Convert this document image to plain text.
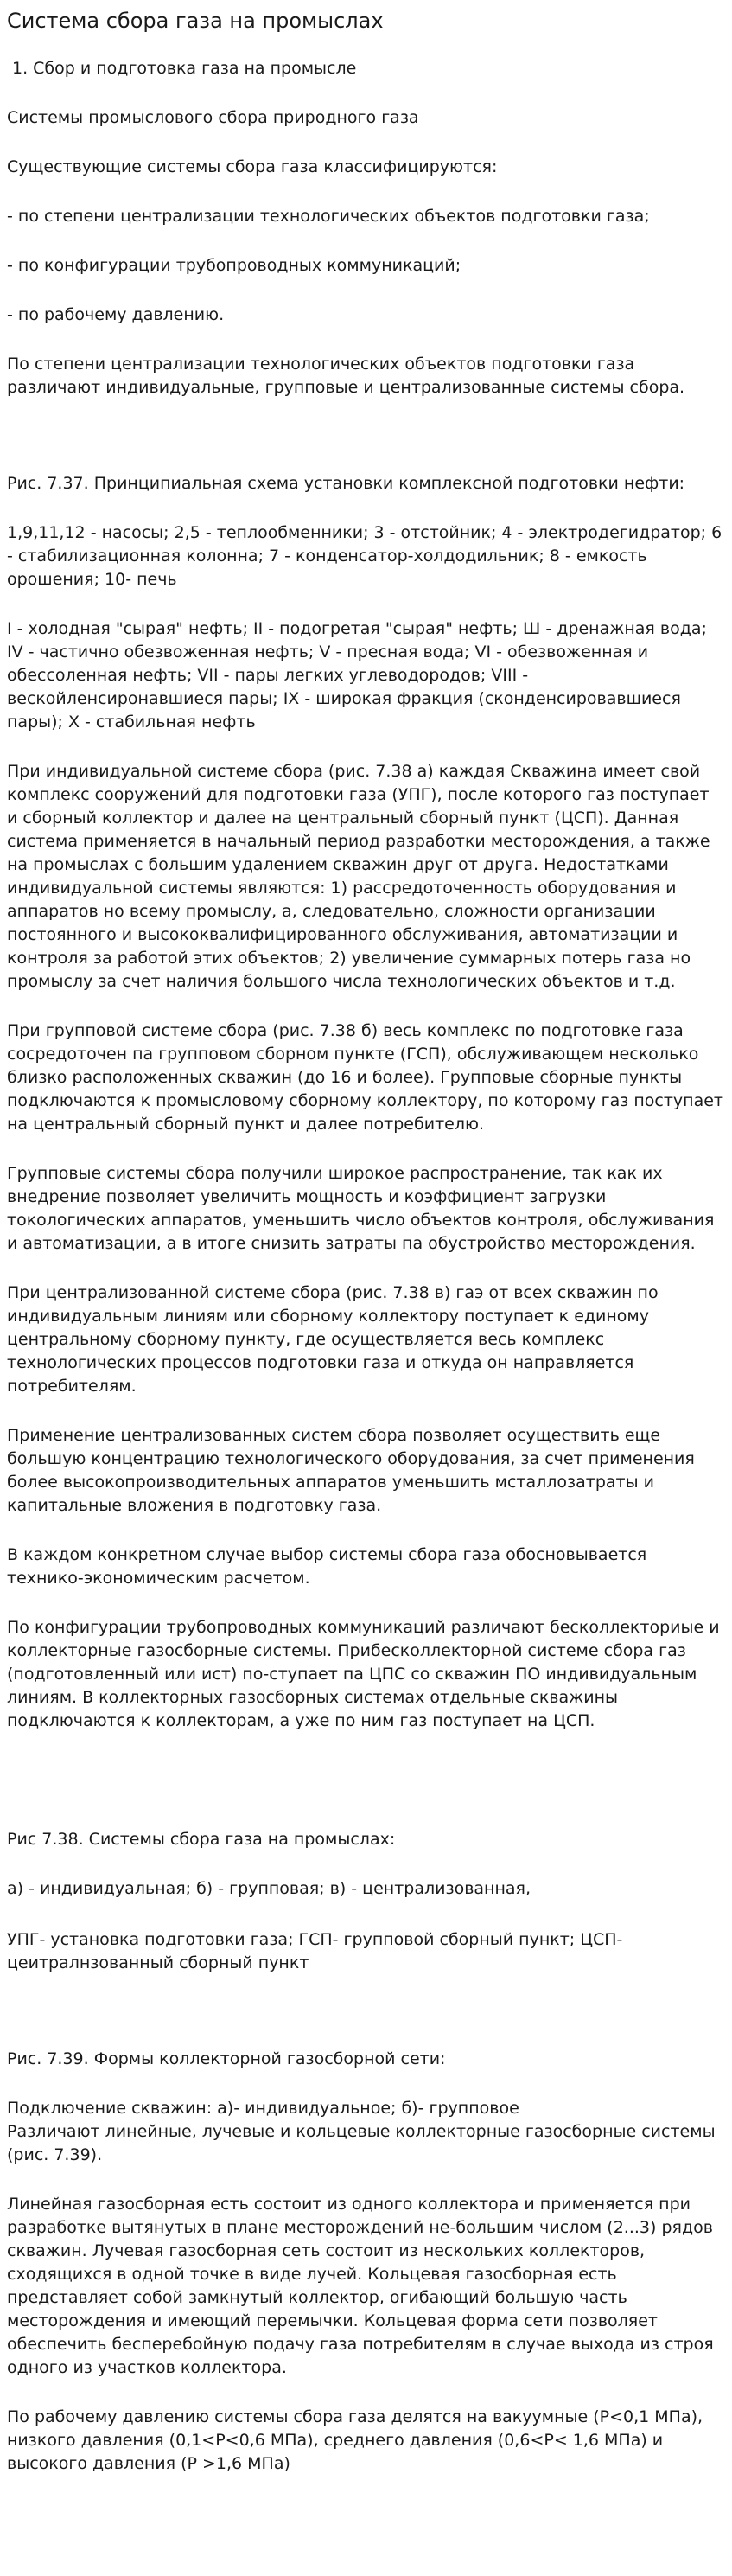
Система сбора газа на промыслах

1. Сбор и подготовка газа на промысле

Системы промыслового сбора природного газа

Существующие системы сбора газа классифицируются:

- по степени централизации технологических объектов подготовки газа;

- по конфигурации трубопроводных коммуникаций;

- по рабочему давлению.

По степени централизации технологических объектов подготовки газа различают индивидуальные, групповые и централизованные системы сбора.

Рис. 7.37. Принципиальная схема установки комплексной подготовки нефти:

1,9,11,12 - насосы; 2,5 - теплообменники; 3 - отстойник; 4 - электродегидратор; 6 - стабилизационная колонна; 7 - конденсатор-холдодильник; 8 - емкость орошения; 10- печь

I - холодная "сырая" нефть; II - подогретая "сырая" нефть; Ш - дренажная вода; IV - частично обезвоженная нефть; V - пресная вода; VI - обезвоженная и обессоленная нефть; VII - пары легких углеводородов; VIII - вескойленсиронавшиеся пары; IX - широкая фракция (сконденсировавшиеся пары); X - стабильная нефть

При индивидуальной системе сбора (рис. 7.38 а) каждая Скважина имеет свой комплекс сооружений для подготовки газа (УПГ), после которого газ поступает и сборный коллектор и далее на центральный сборный пункт (ЦСП). Данная система применяется в начальный период разработки месторождения, а также на промыслах с большим удалением скважин друг от друга. Недостатками индивидуальной системы являются: 1) рассредоточенность оборудования и аппаратов но всему промыслу, а, следовательно, сложности организации постоянного и высококвалифицированного обслуживания, автоматизации и контроля за работой этих объектов; 2) увеличение суммарных потерь газа но промыслу за счет наличия большого числа технологических объектов и т.д.

При групповой системе сбора (рис. 7.38 б) весь комплекс по подготовке газа сосредоточен па групповом сборном пункте (ГСП), обслуживающем несколько близко расположенных скважин (до 16 и более). Групповые сборные пункты подключаются к промысловому сборному коллектору, по которому газ поступает на центральный сборный пункт и далее потребителю.

Групповые системы сбора получили широкое распространение, так как их внедрение позволяет увеличить мощность и коэффициент загрузки токологических аппаратов, уменьшить число объектов контроля, обслуживания и автоматизации, а в итоге снизить затраты па обустройство месторождения.

При централизованной системе сбора (рис. 7.38 в) гаэ от всех скважин по индивидуальным линиям или сборному коллектору поступает к единому центральному сборному пункту, где осуществляется весь комплекс технологических процессов подготовки газа и откуда он направляется потребителям.

Применение централизованных систем сбора позволяет осуществить еще большую концентрацию технологического оборудования, за счет применения более высокопроизводительных аппаратов уменьшить мсталлозатраты и капитальные вложения в подготовку газа.

В каждом конкретном случае выбор системы сбора газа обосновывается технико-экономическим расчетом.

По конфигурации трубопроводных коммуникаций различают бесколлекториые и коллекторные газосборные системы. Прибесколлекторной системе сбора газ (подготовленный или ист) по-ступает па ЦПС со скважин ПО индивидуальным линиям. В коллекторных газосборных системах отдельные скважины подключаются к коллекторам, а уже по ним газ поступает на ЦСП.

Рис 7.38. Системы сбора газа на промыслах:

а) - индивидуальная; б) - групповая; в) - централизованная,

УПГ- установка подготовки газа; ГСП- групповой сборный пункт; ЦСП-цеитралнзованный сборный пункт

Рис. 7.39. Формы коллекторной газосборной сети:

Подключение скважин: а)- индивидуальное; б)- групповое

Различают линейные, лучевые и кольцевые коллекторные газосборные системы (рис. 7.39).

Линейная газосборная есть состоит из одного коллектора и применяется при разработке вытянутых в плане месторождений не-большим числом (2...3) рядов скважин. Лучевая газосборная сеть состоит из нескольких коллекторов, сходящихся в одной точке в виде лучей. Кольцевая газосборная есть представляет собой замкнутый коллектор, огибающий большую часть месторождения и имеющий перемычки. Кольцевая форма сети позволяет обеспечить бесперебойную подачу газа потребителям в случае выхода из строя одного из участков коллектора.

По рабочему давлению системы сбора газа делятся на вакуумные (Р<0,1 МПа), низкого давления (0,1<Р<0,6 МПа), среднего давления (0,6<Р< 1,6 МПа) и высокого давления (Р >1,6 МПа)
